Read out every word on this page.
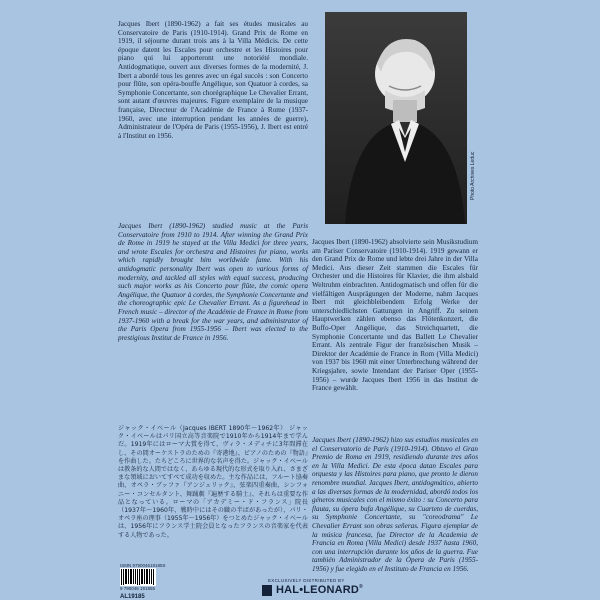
Jacques Ibert (1890-1962) a fait ses études musicales au Conservatoire de Paris (1910-1914). Grand Prix de Rome en 1919, il séjourne durant trois ans à la Villa Médicis. De cette époque datent les Escales pour orchestre et les Histoires pour piano qui lui apporteront une notoriété mondiale. Antidogmatique, ouvert aux diverses formes de la modernité, J. Ibert a abordé tous les genres avec un égal succès : son Concerto pour flûte, son opéra-bouffe Angélique, son Quatuor à cordes, sa Symphonie Concertante, son chorégraphique Le Chevalier Errant, sont autant d'œuvres majeures. Figure exemplaire de la musique française, Directeur de l'Académie de France à Rome (1937-1960, avec une interruption pendant les années de guerre), Administrateur de l'Opéra de Paris (1955-1956), J. Ibert est entré à l'Institut en 1956.

Jacques Ibert (1890-1962) studied music at the Paris Conservatoire from 1910 to 1914. After winning the Grand Prix de Rome in 1919 he stayed at the Villa Medici for three years, and wrote Escales for orchestra and Histoires for piano, works which rapidly brought him worldwide fame. With his antidogmatic personality Ibert was open to various forms of modernity, and tackled all styles with equal success, producing such major works as his Concerto pour flûte, the comic opera Angélique, the Quatuor à cordes, the Symphonie Concertante and the choreographic epic Le Chevalier Errant. As a figurehead in French music – director of the Académie de France in Rome from 1937-1960 with a break for the war years, and administrator of the Paris Opera from 1955-1956 – Ibert was elected to the prestigious Institut de France in 1956.

ジャック・イベール（Jacques IBERT 1890年～1962年） ジャック・イベールはパリ国立高等音楽院で1910年から1914年まで学んだ。1919年にはローマ大賞を得て、ヴィラ・メディチに3年間滞在し、その間オーケストラのための『寄港地』、ピアノのための『物語』を作曲した。たちどころに世界的な名声を得た。ジャック・イベールは教条的な人間ではなく、あらゆる現代的な形式を取り入れ、さまざまな領域においてすべて成功を収めた。主な作品には、フルート協奏曲、オペラ・ブッファ『アンジェリック』、弦楽四重奏曲、シンフォニー・コンセルタント、舞踊劇『遍歴する騎士』、それらは重要な作品となっている。ローマの「アカデミー・ド・フランス」院長（1937年～1960年、戦時中にはその職の半ばがあったが）、パリ・オペラ座の理事（1955年～1956年）をつとめたジャック・イベールは、1956年にフランス学士院会員となったフランスの音楽家を代表する人物であった。

Photo Archives Leduc

Jacques Ibert (1890-1962) absolvierte sein Musikstudium am Pariser Conservatoire (1910-1914). 1919 gewann er den Grand Prix de Rome und lebte drei Jahre in der Villa Medici. Aus dieser Zeit stammen die Escales für Orchester und die Histoires für Klavier, die ihm alsbald Weltruhm einbrachten. Antidogmatisch und offen für die vielfältigen Ausprägungen der Moderne, nahm Jacques Ibert mit gleichbleibendem Erfolg Werke der unterschiedlichsten Gattungen in Angriff. Zu seinen Hauptwerken zählen ebenso das Flötenkonzert, die Buffo-Oper Angélique, das Streichquartett, die Symphonie Concertante und das Ballett Le Chevalier Errant. Als zentrale Figur der französischen Musik – Direktor der Académie de France in Rom (Villa Medici) von 1937 bis 1960 mit einer Unterbrechung während der Kriegsjahre, sowie Intendant der Pariser Oper (1955-1956) – wurde Jacques Ibert 1956 in das Institut de France gewählt.

Jacques Ibert (1890-1962) hizo sus estudios musicales en el Conservatorio de París (1910-1914). Obtuvo el Gran Premio de Roma en 1919, residiendo durante tres años en la Villa Medici. De esta época datan Escales para orquesta y las Histoires para piano, que pronto le dieron renombre mundial. Jacques Ibert, antidogmático, abierto a las diversas formas de la modernidad, abordó todos los géneros musicales con el mismo éxito : su Concerto para flauta, su ópera bufa Angélique, su Cuarteto de cuerdas, su Symphonie Concertante, su "coreodrama" Le Chevalier Errant son obras señeras. Figura ejemplar de la música francesa, fue Director de la Academia de Francia en Roma (Villa Medici) desde 1937 hasta 1960, con una interrupción durante los años de la guerra. Fue también Administrador de la Ópera de Paris (1955-1956) y fue elegido en el Instituto de Francia en 1956.

ISMN 979004619185S
9 790046 191855
AL19185
EXCLUSIVELY DISTRIBUTED BY
HAL•LEONARD®
